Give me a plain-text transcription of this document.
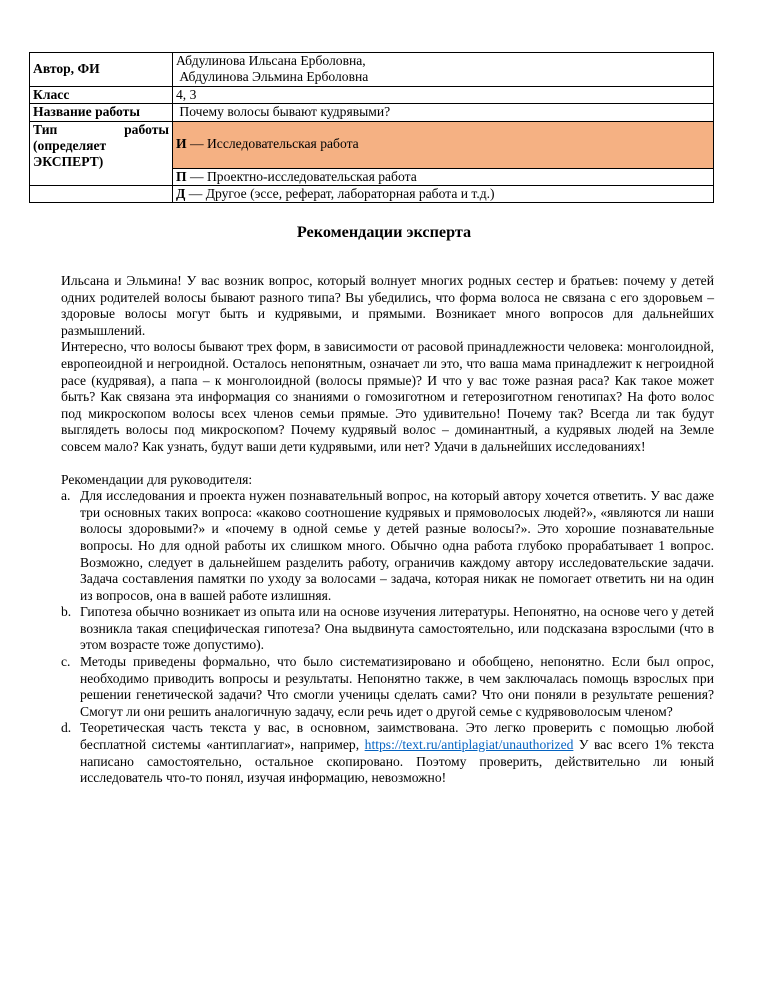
Автор, ФИ	Абдулинова Ильсана Ерболовна,
Абдулинова Эльмина Ерболовна

Класс	4, 3
Название работы	Почему волосы бывают кудрявыми?

Тип работы
(определяет
ЭКСПЕРТ)	И — Исследовательская работа
	П — Проектно-исследовательская работа
	Д — Другое (эссе, реферат, лабораторная работа и т.д.)
Рекомендации эксперта

Ильсана и Эльмина! У вас возник вопрос, который волнует многих родных сестер и братьев: почему у детей одних родителей волосы бывают разного типа? Вы убедились, что форма волоса не связана с его здоровьем – здоровые волосы могут быть и кудрявыми, и прямыми. Возникает много вопросов для дальнейших размышлений.

Интересно, что волосы бывают трех форм, в зависимости от расовой принадлежности человека: монголоидной, европеоидной и негроидной. Осталось непонятным, означает ли это, что ваша мама принадлежит к негроидной расе (кудрявая), а папа – к монголоидной (волосы прямые)? И что у вас тоже разная раса? Как такое может быть? Как связана эта информация со знаниями о гомозиготном и гетерозиготном генотипах? На фото волос под микроскопом волосы всех членов семьи прямые. Это удивительно! Почему так? Всегда ли так будут выглядеть волосы под микроскопом? Почему кудрявый волос – доминантный, а кудрявых людей на Земле совсем мало? Как узнать, будут ваши дети кудрявыми, или нет? Удачи в дальнейших исследованиях!

Рекомендации для руководителя:

a. Для исследования и проекта нужен познавательный вопрос, на который автору хочется ответить. У вас даже три основных таких вопроса: «каково соотношение кудрявых и прямоволосых людей?», «являются ли наши волосы здоровыми?» и «почему в одной семье у детей разные волосы?». Это хорошие познавательные вопросы. Но для одной работы их слишком много. Обычно одна работа глубоко прорабатывает 1 вопрос. Возможно, следует в дальнейшем разделить работу, ограничив каждому автору исследовательские задачи. Задача составления памятки по уходу за волосами – задача, которая никак не помогает ответить ни на один из вопросов, она в вашей работе излишняя.
b. Гипотеза обычно возникает из опыта или на основе изучения литературы. Непонятно, на основе чего у детей возникла такая специфическая гипотеза? Она выдвинута самостоятельно, или подсказана взрослыми (что в этом возрасте тоже допустимо).
c. Методы приведены формально, что было систематизировано и обобщено, непонятно. Если был опрос, необходимо приводить вопросы и результаты. Непонятно также, в чем заключалась помощь взрослых при решении генетической задачи? Что смогли ученицы сделать сами? Что они поняли в результате решения? Смогут ли они решить аналогичную задачу, если речь идет о другой семье с кудрявоволосым членом?
d. Теоретическая часть текста у вас, в основном, заимствована. Это легко проверить с помощью любой бесплатной системы «антиплагиат», например, https://text.ru/antiplagiat/unauthorized У вас всего 1% текста написано самостоятельно, остальное скопировано. Поэтому проверить, действительно ли юный исследователь что-то понял, изучая информацию, невозможно!
